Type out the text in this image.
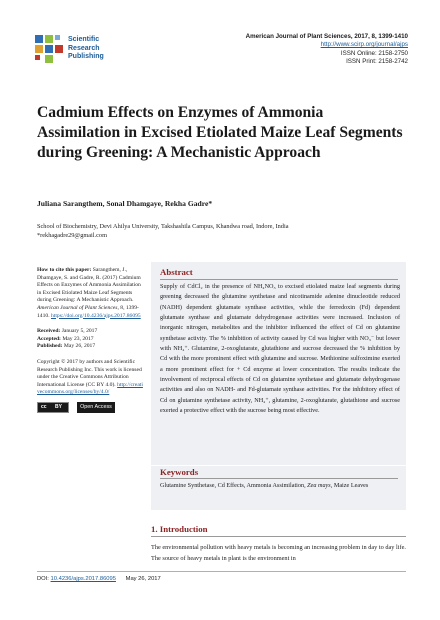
Scientific
Research
Publishing
American Journal of Plant Sciences, 2017, 8, 1399-1410
http://www.scirp.org/journal/ajps
ISSN Online: 2158-2750
ISSN Print: 2158-2742
Cadmium Effects on Enzymes of Ammonia Assimilation in Excised Etiolated Maize Leaf Segments during Greening: A Mechanistic Approach
Juliana Sarangthem, Sonal Dhamgaye, Rekha Gadre*
School of Biochemistry, Devi Ahilya University, Takshashila Campus, Khandwa road, Indore, India
*rekhagadre29@gmail.com
How to cite this paper: Sarangthem, J., Dhamgaye, S. and Gadre, R. (2017) Cadmium Effects on Enzymes of Ammonia Assimilation in Excised Etiolated Maize Leaf Segments during Greening: A Mechanistic Approach. American Journal of Plant Sciences, 8, 1399-1410. https://doi.org/10.4236/ajps.2017.86095
Received: January 5, 2017
Accepted: May 23, 2017
Published: May 26, 2017
Copyright © 2017 by authors and Scientific Research Publishing Inc. This work is licensed under the Creative Commons Attribution International License (CC BY 4.0). http://creativecommons.org/licenses/by/4.0/
cc BY	Open Access
Abstract
Supply of CdCl₂ in the presence of NH₄NO₃ to excised etiolated maize leaf segments during greening decreased the glutamine synthetase and nicotinamide adenine dinucleotide reduced (NADH) dependent glutamate synthase activities, while the ferredoxin (Fd) dependent glutamate synthase and glutamate dehydrogenase activities were increased. Inclusion of inorganic nitrogen, metabolites and the inhibitor influenced the effect of Cd on glutamine synthetase activity. The % inhibition of activity caused by Cd was higher with NO₃⁻ but lower with NH₄⁺. Glutamine, 2-oxoglutarate, glutathione and sucrose decreased the % inhibition by Cd with the more prominent effect with glutamine and sucrose. Methionine sulfoximine exerted a more prominent effect for + Cd enzyme at lower concentration. The results indicate the involvement of reciprocal effects of Cd on glutamine synthetase and glutamate dehydrogenase activities and also on NADH- and Fd-glutamate synthase activities. For the inhibitory effect of Cd on glutamine synthetase activity, NH₄⁺, glutamine, 2-oxoglutarate, glutathione and sucrose exerted a protective effect with the sucrose being most effective.
Keywords
Glutamine Synthetase, Cd Effects, Ammonia Assimilation, Zea mays, Maize Leaves
1. Introduction
The environmental pollution with heavy metals is becoming an increasing problem in day to day life. The source of heavy metals in plant is the environment in
DOI: 10.4236/ajps.2017.86095 May 26, 2017
